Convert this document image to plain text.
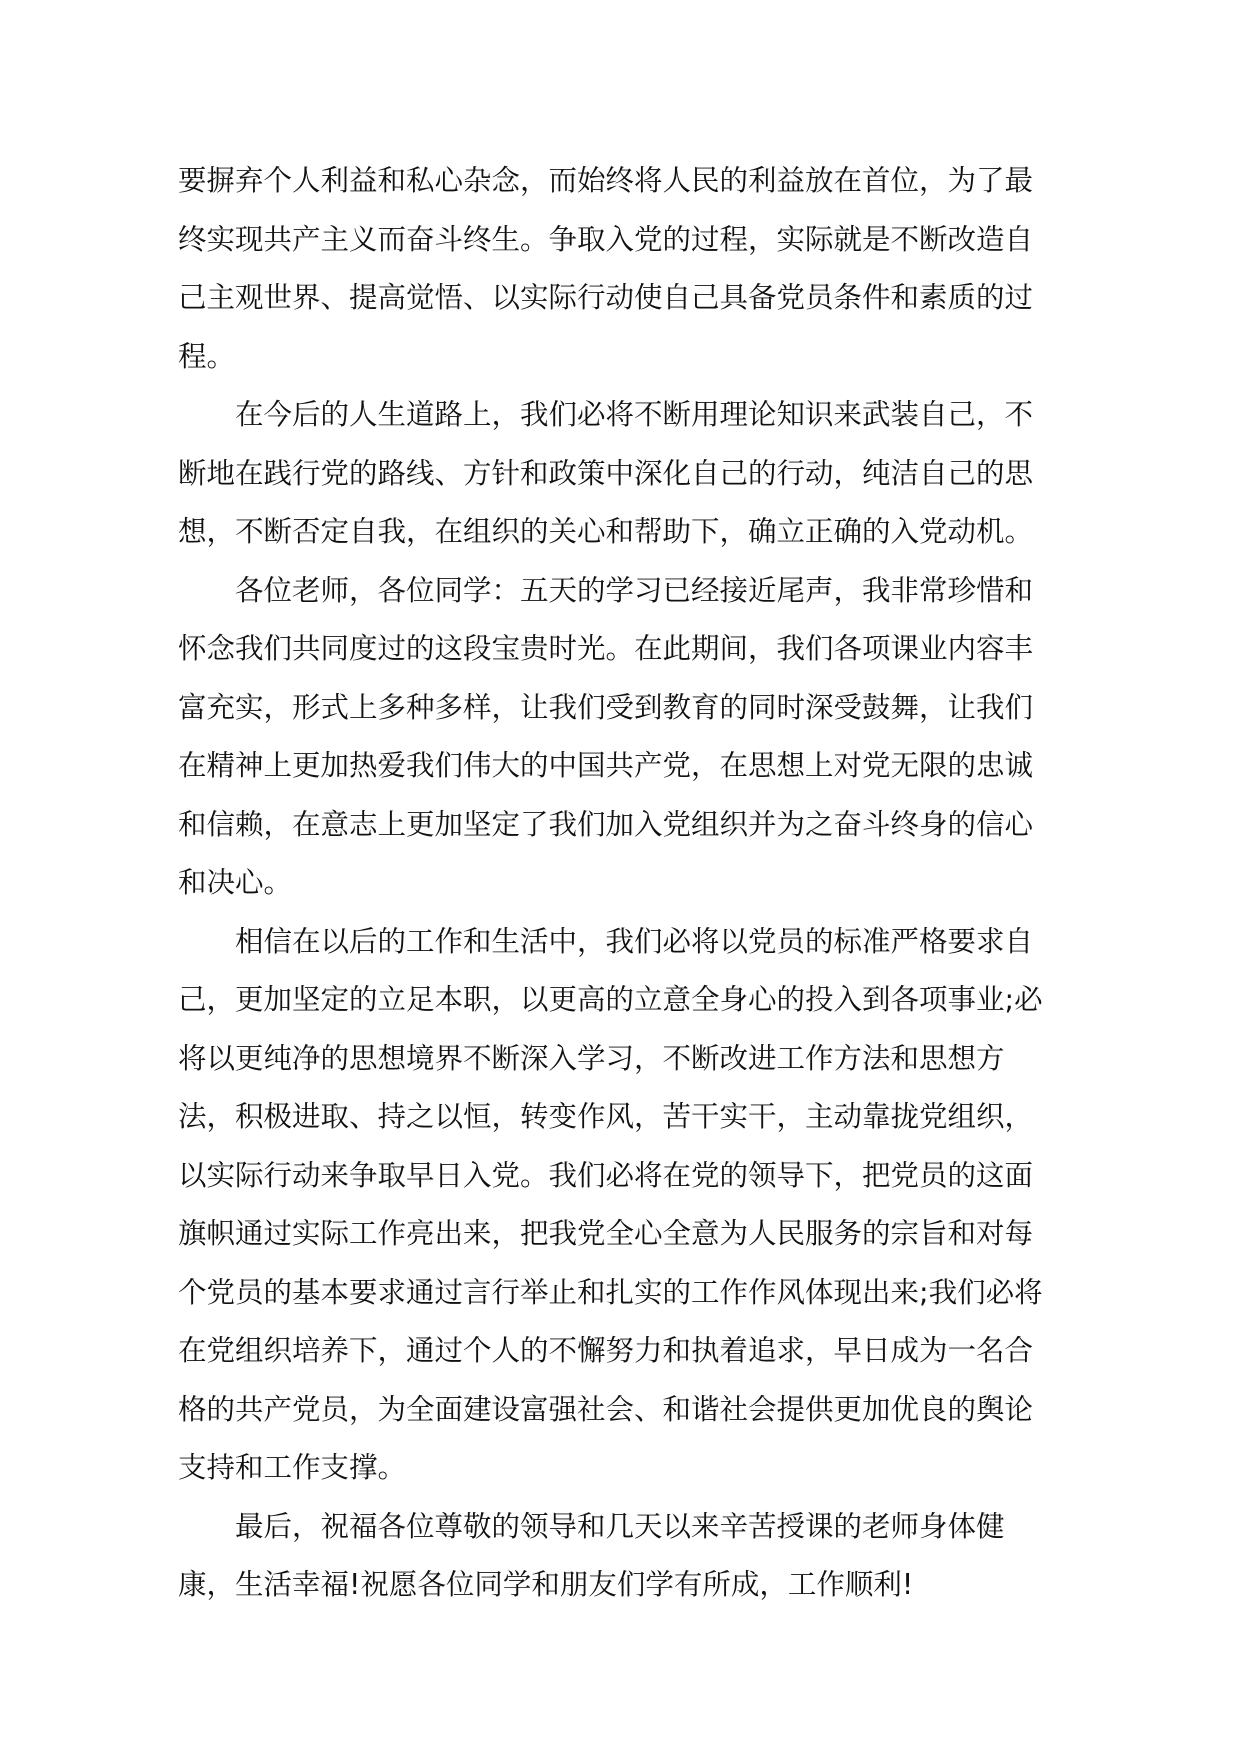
要摒弃个人利益和私心杂念，而始终将人民的利益放在首位，为了最
终实现共产主义而奋斗终生。争取入党的过程，实际就是不断改造自
己主观世界、提高觉悟、以实际行动使自己具备党员条件和素质的过
程。

　　在今后的人生道路上，我们必将不断用理论知识来武装自己，不
断地在践行党的路线、方针和政策中深化自己的行动，纯洁自己的思
想，不断否定自我，在组织的关心和帮助下，确立正确的入党动机。

　　各位老师，各位同学：五天的学习已经接近尾声，我非常珍惜和
怀念我们共同度过的这段宝贵时光。在此期间，我们各项课业内容丰
富充实，形式上多种多样，让我们受到教育的同时深受鼓舞，让我们
在精神上更加热爱我们伟大的中国共产党，在思想上对党无限的忠诚
和信赖，在意志上更加坚定了我们加入党组织并为之奋斗终身的信心
和决心。

　　相信在以后的工作和生活中，我们必将以党员的标准严格要求自
己，更加坚定的立足本职，以更高的立意全身心的投入到各项事业;必
将以更纯净的思想境界不断深入学习，不断改进工作方法和思想方
法，积极进取、持之以恒，转变作风，苦干实干，主动靠拢党组织，
以实际行动来争取早日入党。我们必将在党的领导下，把党员的这面
旗帜通过实际工作亮出来，把我党全心全意为人民服务的宗旨和对每
个党员的基本要求通过言行举止和扎实的工作作风体现出来;我们必将
在党组织培养下，通过个人的不懈努力和执着追求，早日成为一名合
格的共产党员，为全面建设富强社会、和谐社会提供更加优良的舆论
支持和工作支撑。

　　最后，祝福各位尊敬的领导和几天以来辛苦授课的老师身体健
康，生活幸福!祝愿各位同学和朋友们学有所成，工作顺利!
